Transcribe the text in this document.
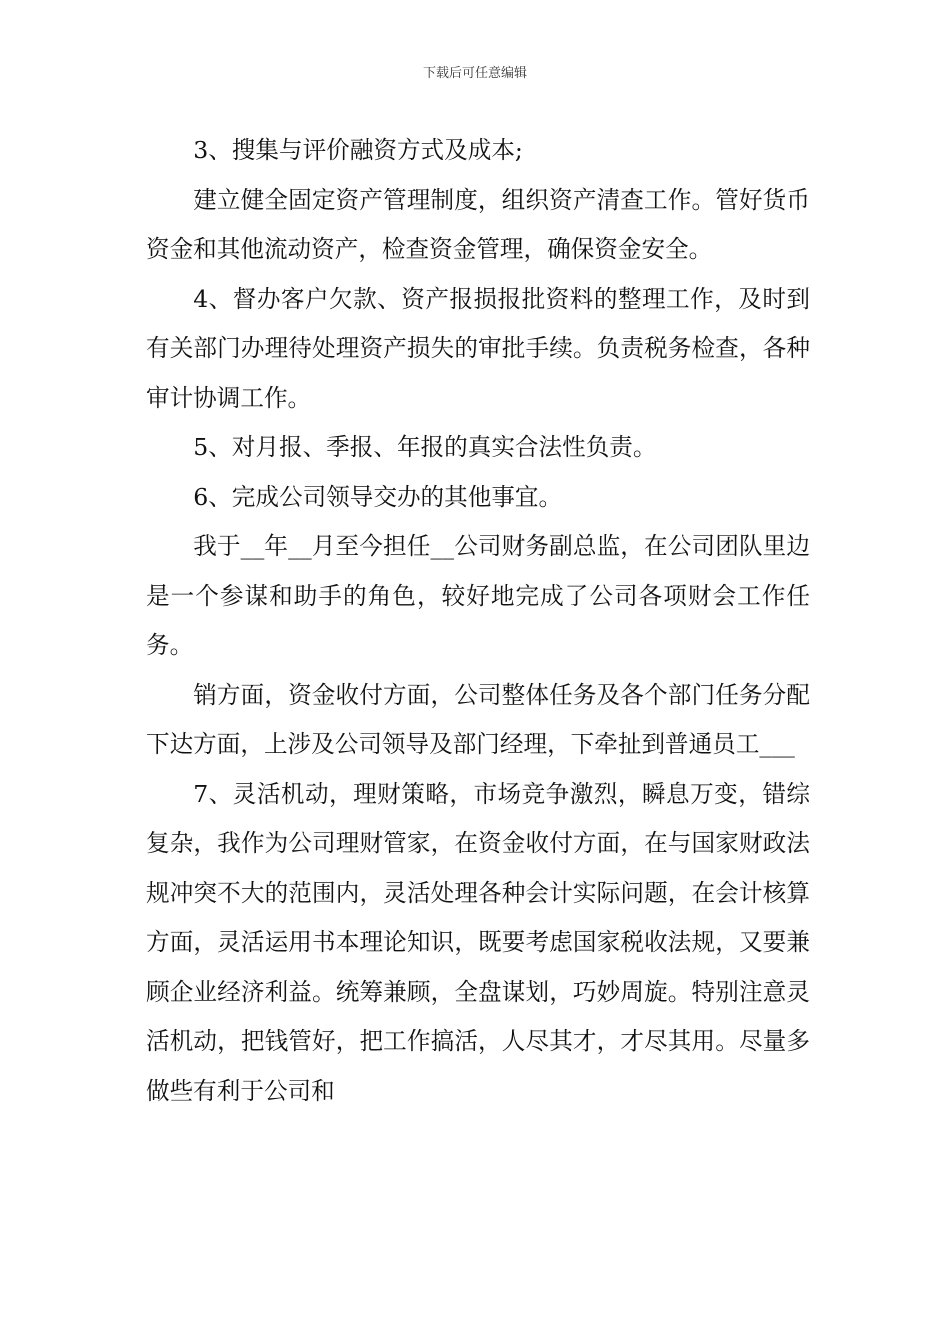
下载后可任意编辑

3、搜集与评价融资方式及成本;

建立健全固定资产管理制度，组织资产清查工作。管好货币资金和其他流动资产，检查资金管理，确保资金安全。

4、督办客户欠款、资产报损报批资料的整理工作，及时到有关部门办理待处理资产损失的审批手续。负责税务检查，各种审计协调工作。

5、对月报、季报、年报的真实合法性负责。

6、完成公司领导交办的其他事宜。

我于__年__月至今担任__公司财务副总监，在公司团队里边是一个参谋和助手的角色，较好地完成了公司各项财会工作任务。

销方面，资金收付方面，公司整体任务及各个部门任务分配下达方面，上涉及公司领导及部门经理，下牵扯到普通员工___

7、灵活机动，理财策略，市场竞争激烈，瞬息万变，错综复杂，我作为公司理财管家，在资金收付方面，在与国家财政法规冲突不大的范围内，灵活处理各种会计实际问题，在会计核算方面，灵活运用书本理论知识，既要考虑国家税收法规，又要兼顾企业经济利益。统筹兼顾，全盘谋划，巧妙周旋。特别注意灵活机动，把钱管好，把工作搞活，人尽其才，才尽其用。尽量多做些有利于公司和
